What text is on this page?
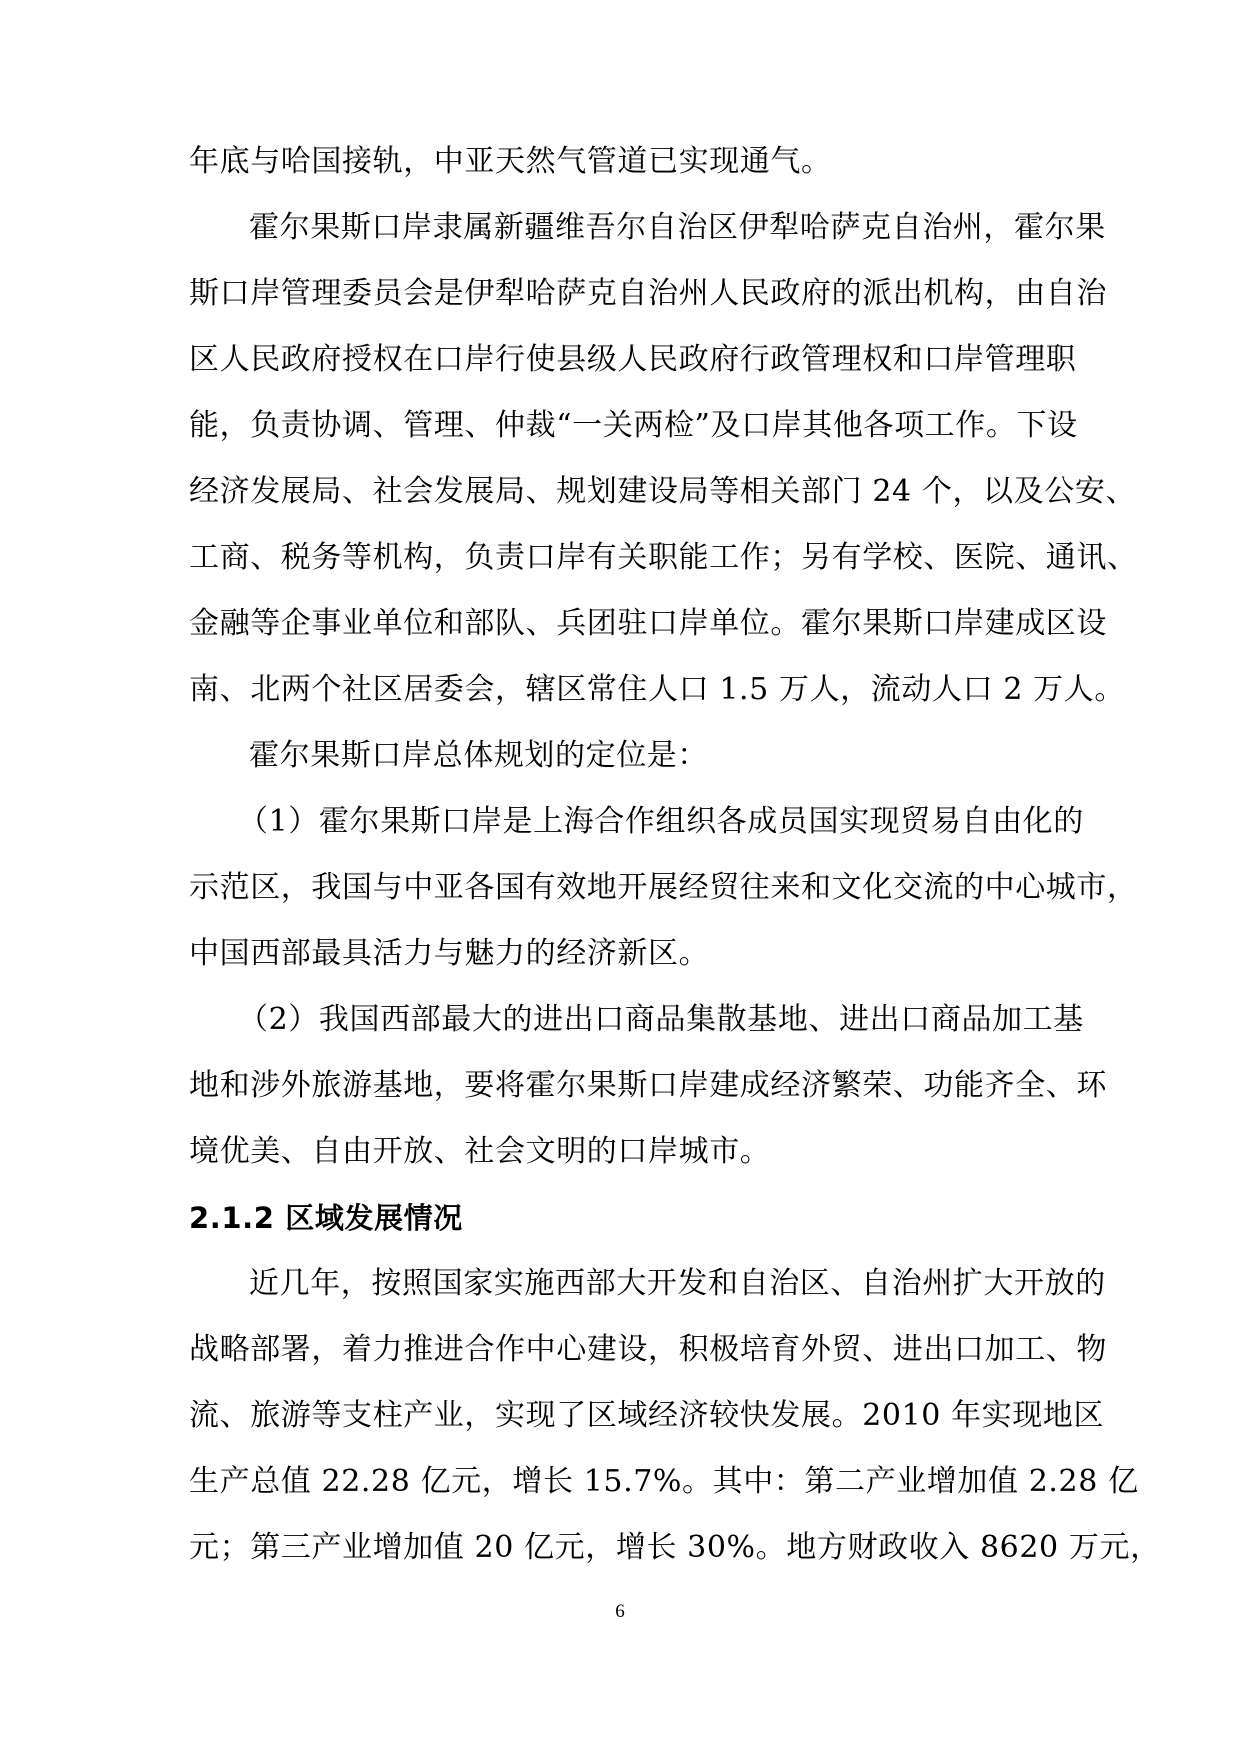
年底与哈国接轨，中亚天然气管道已实现通气。
霍尔果斯口岸隶属新疆维吾尔自治区伊犁哈萨克自治州，霍尔果
斯口岸管理委员会是伊犁哈萨克自治州人民政府的派出机构，由自治
区人民政府授权在口岸行使县级人民政府行政管理权和口岸管理职
能，负责协调、管理、仲裁“一关两检”及口岸其他各项工作。下设
经济发展局、社会发展局、规划建设局等相关部门 24 个，以及公安、
工商、税务等机构，负责口岸有关职能工作；另有学校、医院、通讯、
金融等企事业单位和部队、兵团驻口岸单位。霍尔果斯口岸建成区设
南、北两个社区居委会，辖区常住人口 1.5 万人，流动人口 2 万人。
霍尔果斯口岸总体规划的定位是：
（1）霍尔果斯口岸是上海合作组织各成员国实现贸易自由化的
示范区，我国与中亚各国有效地开展经贸往来和文化交流的中心城市，
中国西部最具活力与魅力的经济新区。
（2）我国西部最大的进出口商品集散基地、进出口商品加工基
地和涉外旅游基地，要将霍尔果斯口岸建成经济繁荣、功能齐全、环
境优美、自由开放、社会文明的口岸城市。
2.1.2 区域发展情况
近几年，按照国家实施西部大开发和自治区、自治州扩大开放的
战略部署，着力推进合作中心建设，积极培育外贸、进出口加工、物
流、旅游等支柱产业，实现了区域经济较快发展。2010 年实现地区
生产总值 22.28 亿元，增长 15.7%。其中：第二产业增加值 2.28 亿
元；第三产业增加值 20 亿元，增长 30%。地方财政收入 8620 万元，
6
